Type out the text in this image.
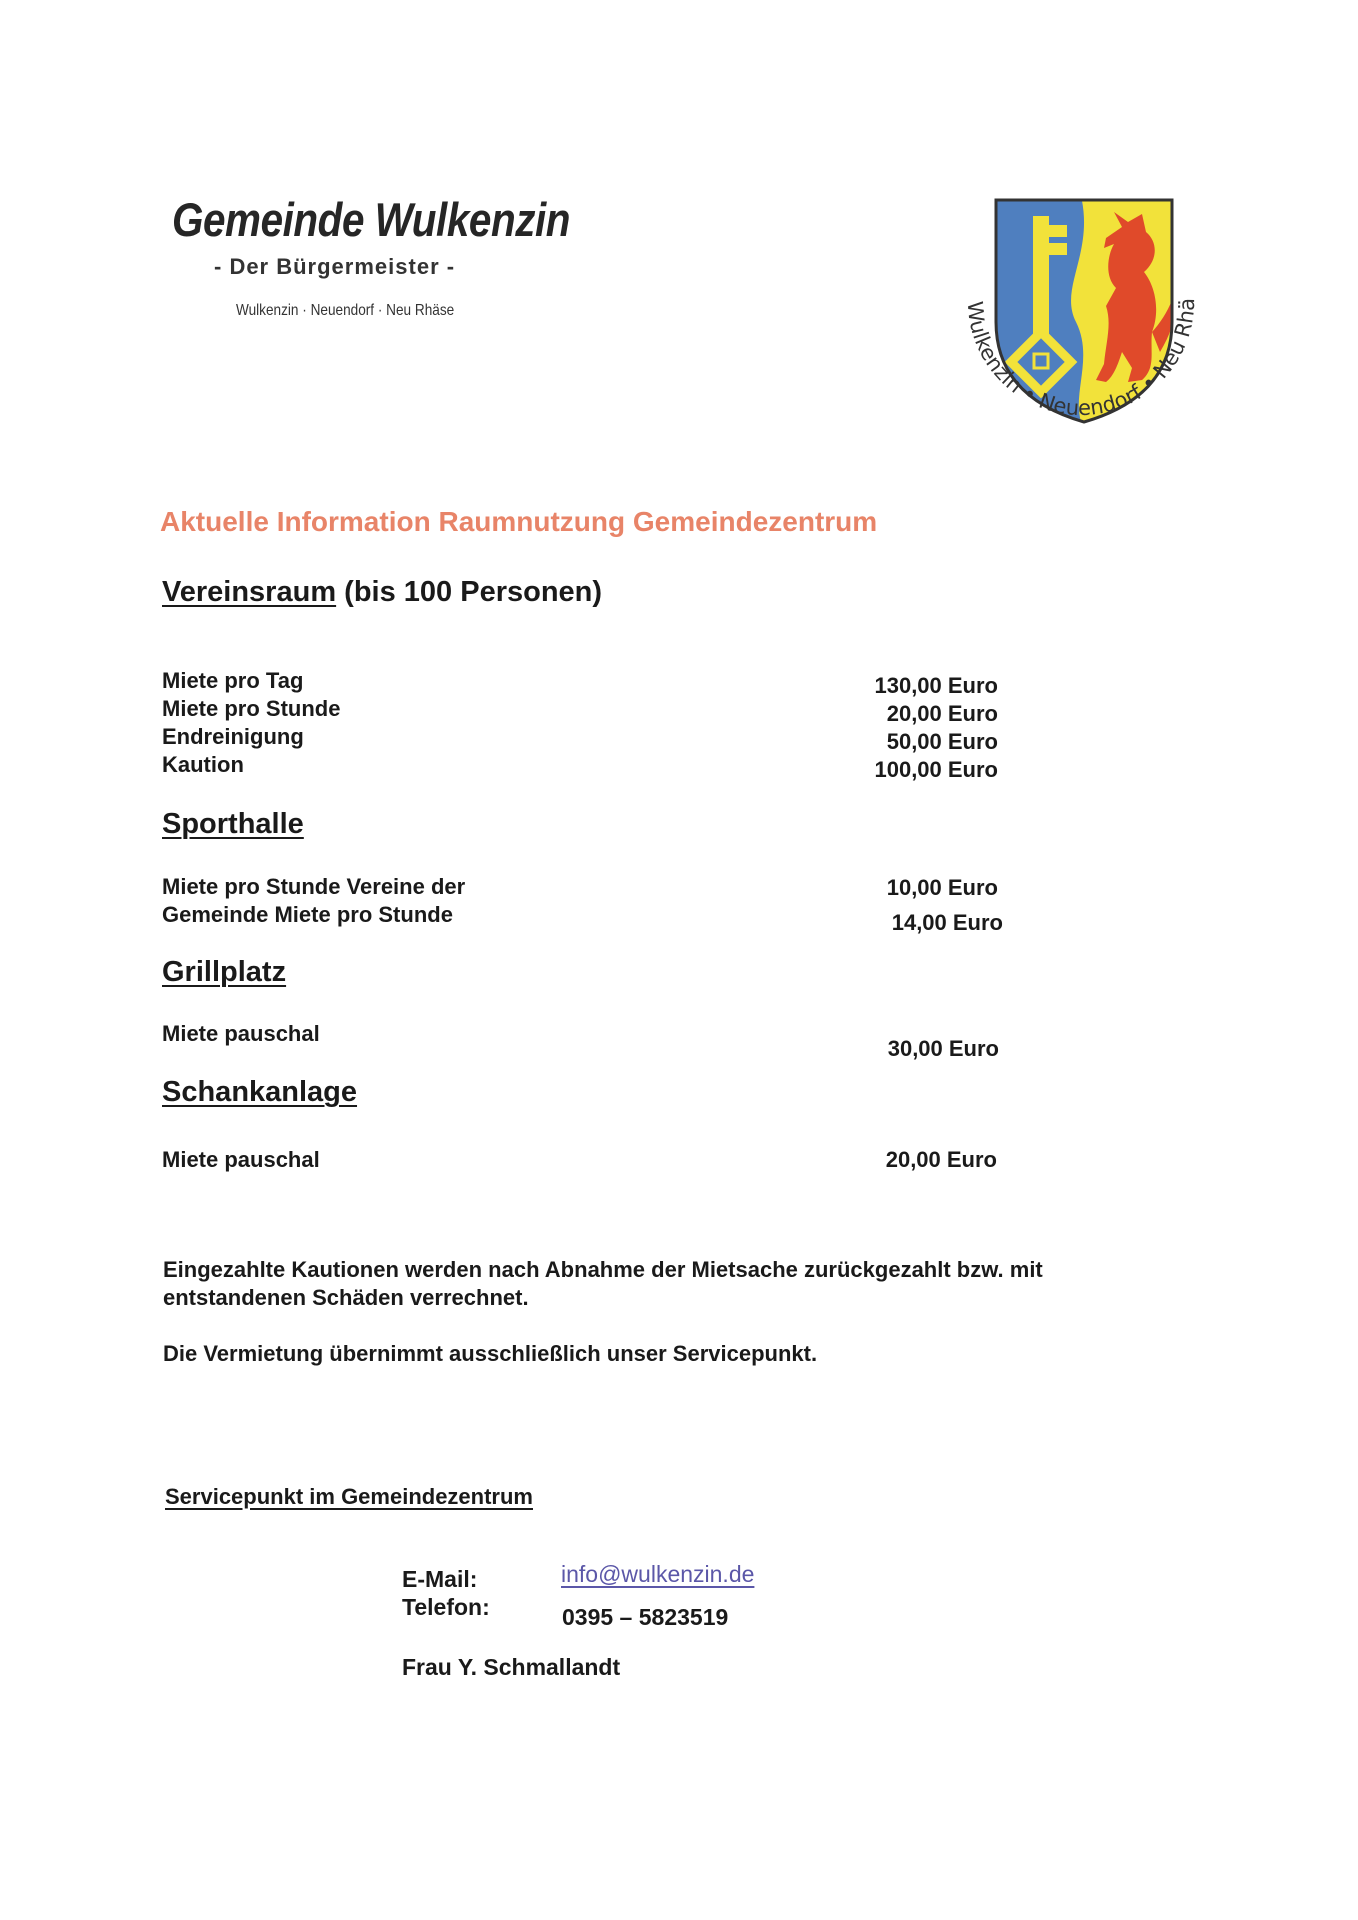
Gemeinde Wulkenzin
- Der Bürgermeister -
Wulkenzin · Neuendorf · Neu Rhäse	Wulkenzin • Neuendorf • Neu Rhä
Aktuelle Information Raumnutzung Gemeindezentrum
Vereinsraum (bis 100 Personen)
Miete pro Tag
Miete pro Stunde
Endreinigung
Kaution
130,00 Euro
20,00 Euro
50,00 Euro
100,00 Euro
Sporthalle
Miete pro Stunde Vereine der
Gemeinde Miete pro Stunde
10,00 Euro
14,00 Euro
Grillplatz
Miete pauschal
30,00 Euro
Schankanlage
Miete pauschal	20,00 Euro
Eingezahlte Kautionen werden nach Abnahme der Mietsache zurückgezahlt bzw. mit entstandenen Schäden verrechnet.
Die Vermietung übernimmt ausschließlich unser Servicepunkt.
Servicepunkt im Gemeindezentrum
E-Mail:
Telefon:
info@wulkenzin.de
0395 – 5823519
Frau Y. Schmallandt
